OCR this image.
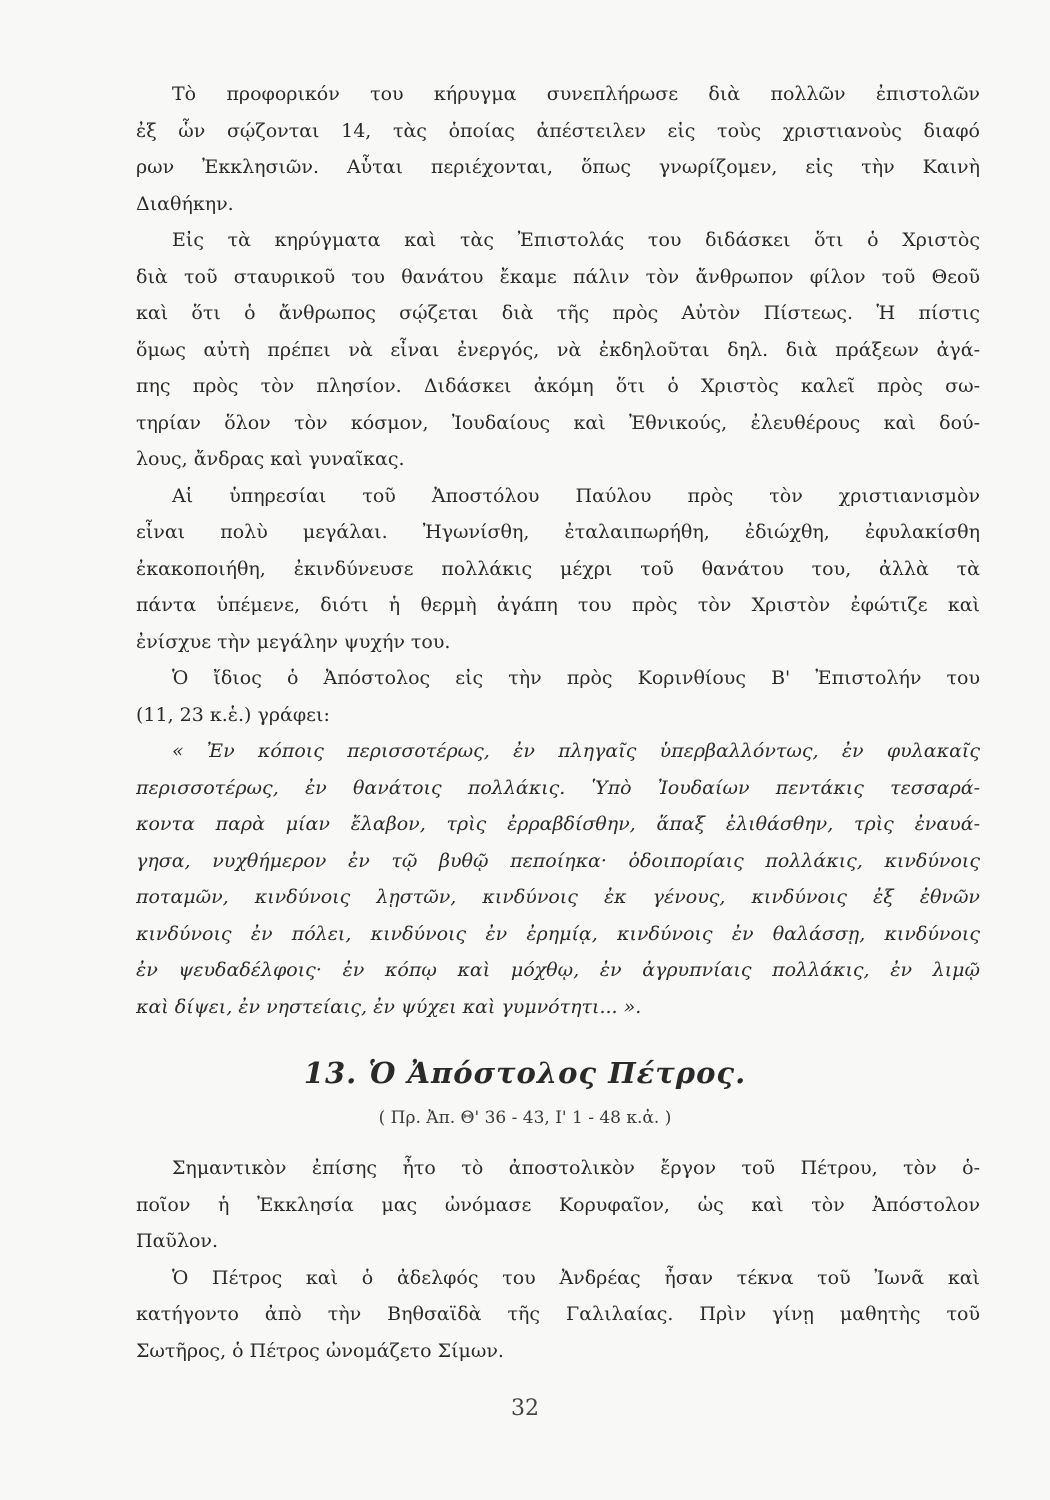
Τὸ προφορικόν του κήρυγμα συνεπλήρωσε διὰ πολλῶν ἐπιστολῶν
ἐξ ὧν σῴζονται 14, τὰς ὁποίας ἀπέστειλεν εἰς τοὺς χριστιανοὺς διαφό
ρων Ἐκκλησιῶν. Αὗται περιέχονται, ὅπως γνωρίζομεν, εἰς τὴν Καινὴ
Διαθήκην.
Εἰς τὰ κηρύγματα καὶ τὰς Ἐπιστολάς του διδάσκει ὅτι ὁ Χριστὸς
διὰ τοῦ σταυρικοῦ του θανάτου ἔκαμε πάλιν τὸν ἄνθρωπον φίλον τοῦ Θεοῦ
καὶ ὅτι ὁ ἄνθρωπος σῴζεται διὰ τῆς πρὸς Αὐτὸν Πίστεως. Ἡ πίστις
ὅμως αὐτὴ πρέπει νὰ εἶναι ἐνεργός, νὰ ἐκδηλοῦται δηλ. διὰ πράξεων ἀγά-
πης πρὸς τὸν πλησίον. Διδάσκει ἀκόμη ὅτι ὁ Χριστὸς καλεῖ πρὸς σω-
τηρίαν ὅλον τὸν κόσμον, Ἰουδαίους καὶ Ἐθνικούς, ἐλευθέρους καὶ δού-
λους, ἄνδρας καὶ γυναῖκας.
Αἱ ὑπηρεσίαι τοῦ Ἀποστόλου Παύλου πρὸς τὸν χριστιανισμὸν
εἶναι πολὺ μεγάλαι. Ἠγωνίσθη, ἐταλαιπωρήθη, ἐδιώχθη, ἐφυλακίσθη
ἐκακοποιήθη, ἐκινδύνευσε πολλάκις μέχρι τοῦ θανάτου του, ἀλλὰ τὰ
πάντα ὑπέμενε, διότι ἡ θερμὴ ἀγάπη του πρὸς τὸν Χριστὸν ἐφώτιζε καὶ
ἐνίσχυε τὴν μεγάλην ψυχήν του.
Ὁ ἴδιος ὁ Ἀπόστολος εἰς τὴν πρὸς Κορινθίους Β' Ἐπιστολήν του
(11, 23 κ.ἑ.) γράφει:
« Ἐν κόποις περισσοτέρως, ἐν πληγαῖς ὑπερβαλλόντως, ἐν φυλακαῖς
περισσοτέρως, ἐν θανάτοις πολλάκις. Ὑπὸ Ἰουδαίων πεντάκις τεσσαρά-
κοντα παρὰ μίαν ἔλαβον, τρὶς ἐρραβδίσθην, ἅπαξ ἐλιθάσθην, τρὶς ἐναυά-
γησα, νυχθήμερον ἐν τῷ βυθῷ πεποίηκα· ὁδοιπορίαις πολλάκις, κινδύνοις
ποταμῶν, κινδύνοις λῃστῶν, κινδύνοις ἐκ γένους, κινδύνοις ἐξ ἐθνῶν
κινδύνοις ἐν πόλει, κινδύνοις ἐν ἐρημίᾳ, κινδύνοις ἐν θαλάσσῃ, κινδύνοις
ἐν ψευδαδέλφοις· ἐν κόπῳ καὶ μόχθῳ, ἐν ἀγρυπνίαις πολλάκις, ἐν λιμῷ
καὶ δίψει, ἐν νηστείαις, ἐν ψύχει καὶ γυμνότητι... ».
13. Ὁ Ἀπόστολος Πέτρος.
( Πρ. Ἀπ. Θ' 36 - 43, Ι' 1 - 48 κ.ἀ. )
Σημαντικὸν ἐπίσης ἦτο τὸ ἀποστολικὸν ἔργον τοῦ Πέτρου, τὸν ὁ-
ποῖον ἡ Ἐκκλησία μας ὠνόμασε Κορυφαῖον, ὡς καὶ τὸν Ἀπόστολον
Παῦλον.
Ὁ Πέτρος καὶ ὁ ἀδελφός του Ἀνδρέας ἦσαν τέκνα τοῦ Ἰωνᾶ καὶ
κατήγοντο ἀπὸ τὴν Βηθσαϊδὰ τῆς Γαλιλαίας. Πρὶν γίνῃ μαθητὴς τοῦ
Σωτῆρος, ὁ Πέτρος ὠνομάζετο Σίμων.
32
